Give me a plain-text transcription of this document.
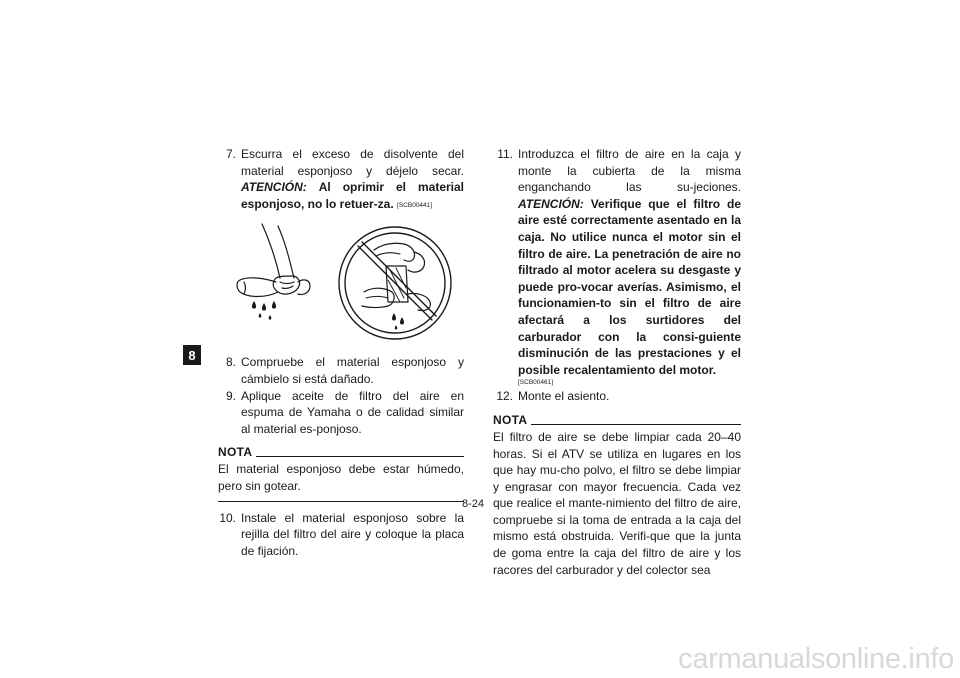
8

7. Escurra el exceso de disolvente del material esponjoso y déjelo secar. ATENCIÓN: Al oprimir el material esponjoso, no lo retuer-za. [SCB00441]

8. Compruebe el material esponjoso y cámbielo si está dañado.

9. Aplique aceite de filtro del aire en espuma de Yamaha o de calidad similar al material es-ponjoso.

NOTA

El material esponjoso debe estar húmedo, pero sin gotear.

10. Instale el material esponjoso sobre la rejilla del filtro del aire y coloque la placa de fijación.

11. Introduzca el filtro de aire en la caja y monte la cubierta de la misma enganchando las su-jeciones. ATENCIÓN: Verifique que el filtro de aire esté correctamente asentado en la caja. No utilice nunca el motor sin el filtro de aire. La penetración de aire no filtrado al motor acelera su desgaste y puede pro-vocar averías. Asimismo, el funcionamien-to sin el filtro de aire afectará a los surtidores del carburador con la consi-guiente disminución de las prestaciones y el posible recalentamiento del motor.
[SCB00461]

12. Monte el asiento.

NOTA

El filtro de aire se debe limpiar cada 20–40 horas. Si el ATV se utiliza en lugares en los que hay mu-cho polvo, el filtro se debe limpiar y engrasar con mayor frecuencia. Cada vez que realice el mante-nimiento del filtro de aire, compruebe si la toma de entrada a la caja del mismo está obstruida. Verifi-que que la junta de goma entre la caja del filtro de aire y los racores del carburador y del colector sea

8-24
carmanualsonline.info
